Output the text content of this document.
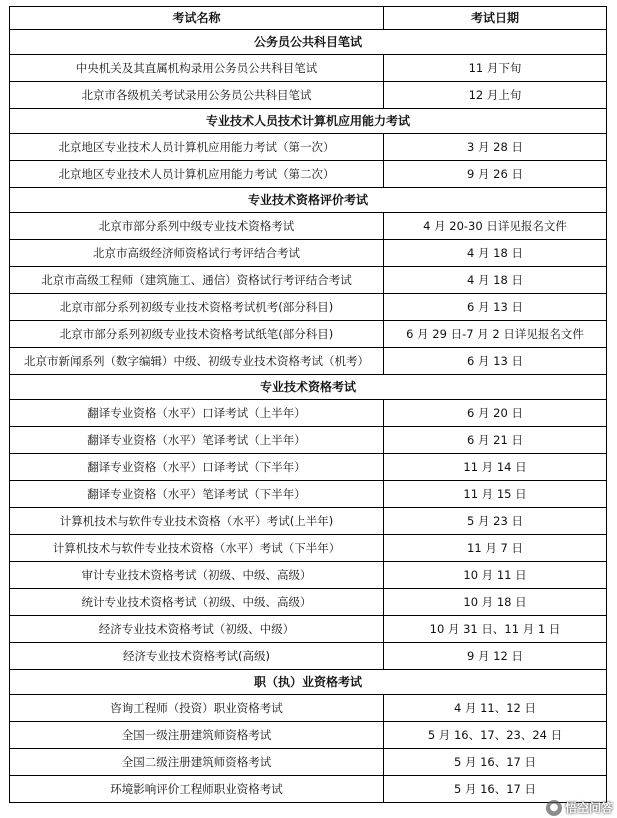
考试名称	考试日期
公务员公共科目笔试	
中央机关及其直属机构录用公务员公共科目笔试	11 月下旬
北京市各级机关考试录用公务员公共科目笔试	12 月上旬
专业技术人员技术计算机应用能力考试	
北京地区专业技术人员计算机应用能力考试（第一次）	3 月 28 日
北京地区专业技术人员计算机应用能力考试（第二次）	9 月 26 日
专业技术资格评价考试	
北京市部分系列中级专业技术资格考试	4 月 20-30 日详见报名文件
北京市高级经济师资格试行考评结合考试	4 月 18 日
北京市高级工程师（建筑施工、通信）资格试行考评结合考试	4 月 18 日
北京市部分系列初级专业技术资格考试机考(部分科目)	6 月 13 日
北京市部分系列初级专业技术资格考试纸笔(部分科目)	6 月 29 日-7 月 2 日详见报名文件
北京市新闻系列（数字编辑）中级、初级专业技术资格考试（机考）	6 月 13 日
专业技术资格考试	
翻译专业资格（水平）口译考试（上半年）	6 月 20 日
翻译专业资格（水平）笔译考试（上半年）	6 月 21 日
翻译专业资格（水平）口译考试（下半年）	11 月 14 日
翻译专业资格（水平）笔译考试（下半年）	11 月 15 日
计算机技术与软件专业技术资格（水平）考试(上半年)	5 月 23 日
计算机技术与软件专业技术资格（水平）考试（下半年）	11 月 7 日
审计专业技术资格考试（初级、中级、高级）	10 月 11 日
统计专业技术资格考试（初级、中级、高级）	10 月 18 日
经济专业技术资格考试（初级、中级）	10 月 31 日、11 月 1 日
经济专业技术资格考试(高级)	9 月 12 日
职（执）业资格考试	
咨询工程师（投资）职业资格考试	4 月 11、12 日
全国一级注册建筑师资格考试	5 月 16、17、23、24 日
全国二级注册建筑师资格考试	5 月 16、17 日
环境影响评价工程师职业资格考试	5 月 16、17 日
● 悟空问答
